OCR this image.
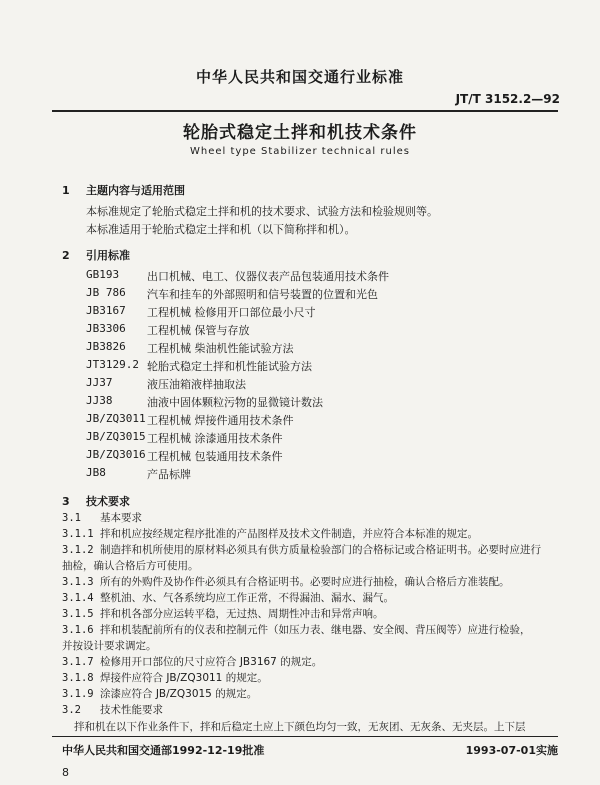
中华人民共和国交通行业标准
JT/T 3152.2—92
轮胎式稳定土拌和机技术条件
Wheel type Stabilizer technical rules
1 主题内容与适用范围
本标准规定了轮胎式稳定土拌和机的技术要求、试验方法和检验规则等。
本标准适用于轮胎式稳定土拌和机（以下简称拌和机）。
2 引用标准
GB193	出口机械、电工、仪器仪表产品包装通用技术条件
JB 786 汽车和挂车的外部照明和信号装置的位置和光色
JB3167 工程机械 检修用开口部位最小尺寸
JB3306 工程机械 保管与存放
JB3826 工程机械 柴油机性能试验方法
JT3129.2 轮胎式稳定土拌和机性能试验方法
JJ37	液压油箱液样抽取法
JJ38	油液中固体颗粒污物的显微镜计数法
JB/ZQ3011 工程机械 焊接件通用技术条件
JB/ZQ3015 工程机械 涂漆通用技术条件
JB/ZQ3016 工程机械 包装通用技术条件
JB8	产品标牌
3 技术要求
3.1 基本要求
3.1.1 拌和机应按经规定程序批准的产品图样及技术文件制造，并应符合本标准的规定。
3.1.2 制造拌和机所使用的原材料必须具有供方质量检验部门的合格标记或合格证明书。必要时应进行
抽检，确认合格后方可使用。
3.1.3 所有的外购件及协作件必须具有合格证明书。必要时应进行抽检，确认合格后方准装配。
3.1.4 整机油、水、气各系统均应工作正常，不得漏油、漏水、漏气。
3.1.5 拌和机各部分应运转平稳，无过热、周期性冲击和异常声响。
3.1.6 拌和机装配前所有的仪表和控制元件（如压力表、继电器、安全阀、背压阀等）应进行检验，
并按设计要求调定。
3.1.7 检修用开口部位的尺寸应符合 JB3167 的规定。
3.1.8 焊接件应符合 JB/ZQ3011 的规定。
3.1.9 涂漆应符合 JB/ZQ3015 的规定。
3.2 技术性能要求
中华人民共和国交通部1992-12-19批准	1993-07-01实施
8
拌和机在以下作业条件下，拌和后稳定土应上下颜色均匀一致，无灰团、无灰条、无夹层。上下层
